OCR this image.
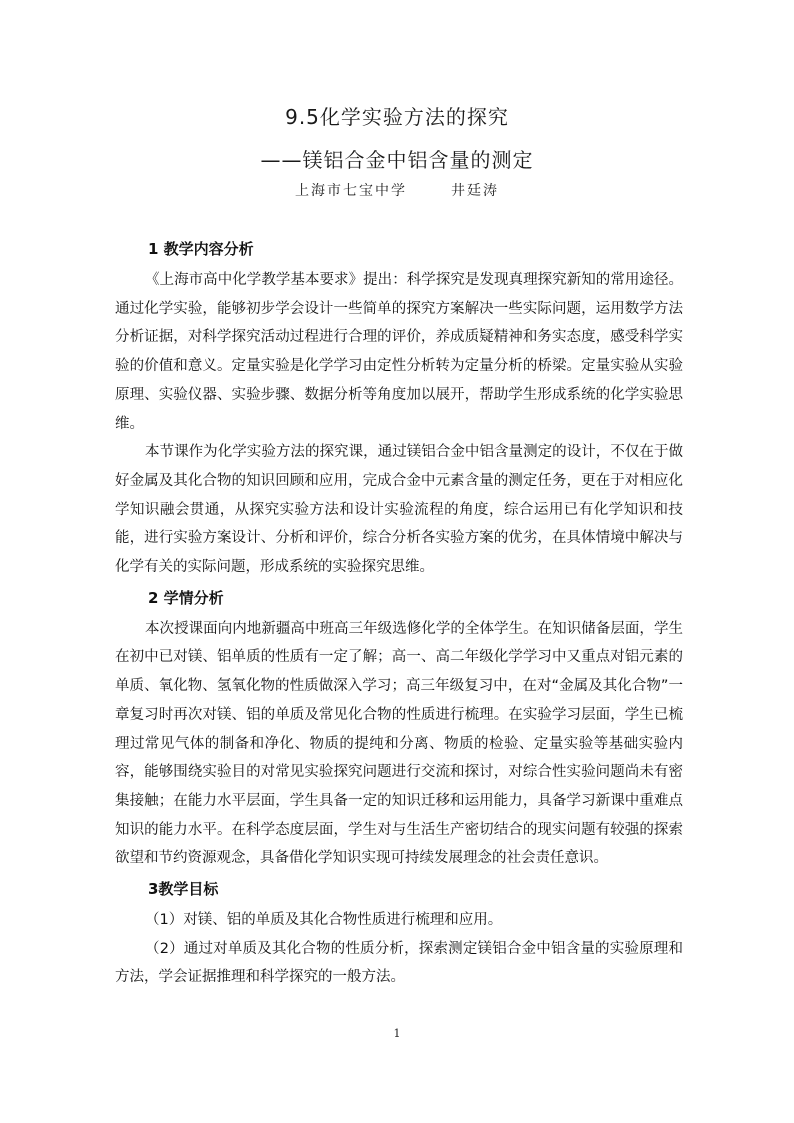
9.5化学实验方法的探究
——镁铝合金中铝含量的测定
上海市七宝中学	井廷涛

1 教学内容分析

《上海市高中化学教学基本要求》提出：科学探究是发现真理探究新知的常用途径。通过化学实验，能够初步学会设计一些简单的探究方案解决一些实际问题，运用数学方法分析证据，对科学探究活动过程进行合理的评价，养成质疑精神和务实态度，感受科学实验的价值和意义。定量实验是化学学习由定性分析转为定量分析的桥梁。定量实验从实验原理、实验仪器、实验步骤、数据分析等角度加以展开，帮助学生形成系统的化学实验思维。

本节课作为化学实验方法的探究课，通过镁铝合金中铝含量测定的设计，不仅在于做好金属及其化合物的知识回顾和应用，完成合金中元素含量的测定任务，更在于对相应化学知识融会贯通，从探究实验方法和设计实验流程的角度，综合运用已有化学知识和技能，进行实验方案设计、分析和评价，综合分析各实验方案的优劣，在具体情境中解决与化学有关的实际问题，形成系统的实验探究思维。

2 学情分析

本次授课面向内地新疆高中班高三年级选修化学的全体学生。在知识储备层面，学生在初中已对镁、铝单质的性质有一定了解；高一、高二年级化学学习中又重点对铝元素的单质、氧化物、氢氧化物的性质做深入学习；高三年级复习中，在对“金属及其化合物”一章复习时再次对镁、铝的单质及常见化合物的性质进行梳理。在实验学习层面，学生已梳理过常见气体的制备和净化、物质的提纯和分离、物质的检验、定量实验等基础实验内容，能够围绕实验目的对常见实验探究问题进行交流和探讨，对综合性实验问题尚未有密集接触；在能力水平层面，学生具备一定的知识迁移和运用能力，具备学习新课中重难点知识的能力水平。在科学态度层面，学生对与生活生产密切结合的现实问题有较强的探索欲望和节约资源观念，具备借化学知识实现可持续发展理念的社会责任意识。

3教学目标

（1）对镁、铝的单质及其化合物性质进行梳理和应用。

（2）通过对单质及其化合物的性质分析，探索测定镁铝合金中铝含量的实验原理和方法，学会证据推理和科学探究的一般方法。

1
